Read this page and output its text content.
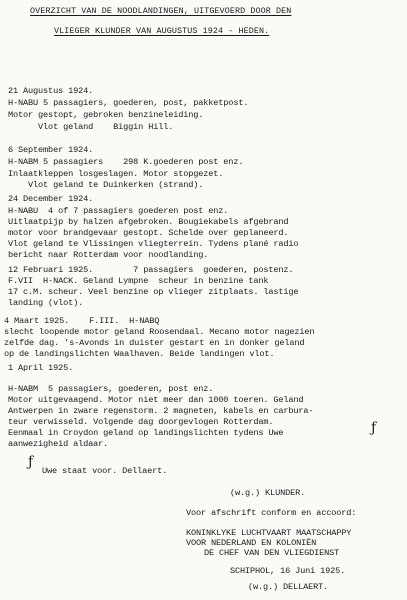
OVERZICHT VAN DE NOODLANDINGEN, UITGEVOERD DOOR DEN
VLIEGER KLUNDER VAN AUGUSTUS 1924 - HEDEN.
21 Augustus 1924.
H-NABU 5 passagiers, goederen, post, pakketpost.
Motor gestopt, gebroken benzineleiding.
Vlot geland    Biggin Hill.
6 September 1924.
H-NABM 5 passagiers    298 K.goederen post enz.
Inlaatkleppen losgeslagen. Motor stopgezet.
Vlot geland te Duinkerken (strand).
24 December 1924.
H-NABU  4 of 7 passagiers goederen post enz.
Uitlaatpijp by halzen afgebroken. Bougiekabels afgebrand
motor voor brandgevaar gestopt. Schelde over geplaneerd.
Vlot geland te Vlissingen vliegterrein. Tydens plané radio
bericht naar Rotterdam voor noodlanding.
12 Februari 1925.        7 passagiers  goederen, postenz.
F.VII  H-NACK. Geland Lympne  scheur in benzine tank
17 c.M. scheur. Veel benzine op vlieger zitplaats. lastige
landing (vlot).
4 Maart 1925.    F.III.  H-NABQ
slecht loopende motor geland Roosendaal. Mecano motor nagezien
zelfde dag. 's-Avonds in duister gestart en in donker geland
op de landingslichten Waalhaven. Beide landingen vlot.
1 April 1925.
H-NABM  5 passagiers, goederen, post enz.
Motor uitgevaagend. Motor niet meer dan 1000 toeren. Geland
Antwerpen in zware regenstorm. 2 magneten, kabels en carbura-
teur verwisseld. Volgende dag doorgevlogen Rotterdam.
Eenmaal in Croydon geland op landingslichten tydens Uwe
aanwezigheid aldaar.
ƒ
ƒ
Uwe staat voor. Dellaert.
(w.g.) KLUNDER.
Voor afschrift conform en accoord:
KONINKLYKE LUCHTVAART MAATSCHAPPY
VOOR NEDERLAND EN KOLONIËN
DE CHEF VAN DEN VLIEGDIENST
SCHIPHOL, 16 Juni 1925.
(w.g.) DELLAERT.
